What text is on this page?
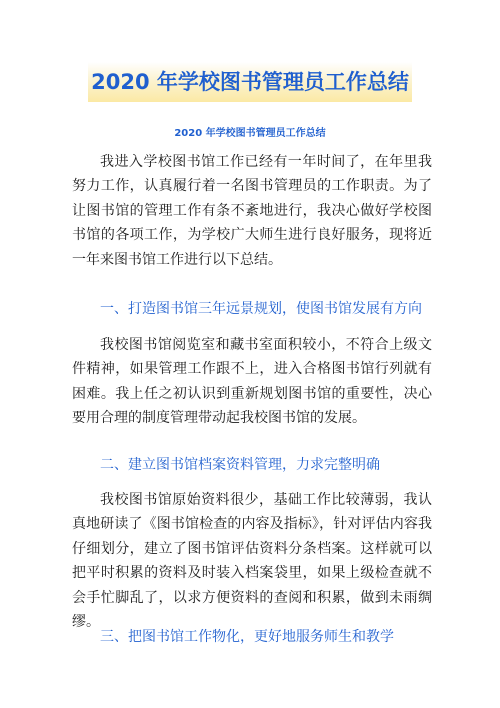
2020 年学校图书管理员工作总结
2020 年学校图书管理员工作总结

我进入学校图书馆工作已经有一年时间了，在年里我努力工作，认真履行着一名图书管理员的工作职责。为了让图书馆的管理工作有条不紊地进行，我决心做好学校图书馆的各项工作，为学校广大师生进行良好服务，现将近一年来图书馆工作进行以下总结。

一、打造图书馆三年远景规划，使图书馆发展有方向

我校图书馆阅览室和藏书室面积较小，不符合上级文件精神，如果管理工作跟不上，进入合格图书馆行列就有困难。我上任之初认识到重新规划图书馆的重要性，决心要用合理的制度管理带动起我校图书馆的发展。

二、建立图书馆档案资料管理，力求完整明确

我校图书馆原始资料很少，基础工作比较薄弱，我认真地研读了《图书馆检查的内容及指标》，针对评估内容我仔细划分，建立了图书馆评估资料分条档案。这样就可以把平时积累的资料及时装入档案袋里，如果上级检查就不会手忙脚乱了，以求方便资料的查阅和积累，做到未雨绸缪。

三、把图书馆工作物化，更好地服务师生和教学
